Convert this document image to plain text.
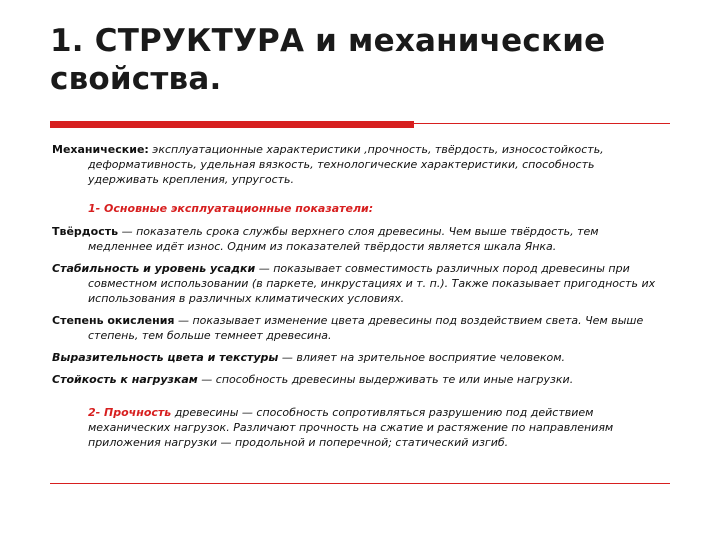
1. СТРУКТУРА и механические
свойства.

Механические: эксплуатационные характеристики ,прочность, твёрдость, износостойкость, деформативность, удельная вязкость, технологические характеристики, способность удерживать крепления, упругость.

1- Основные эксплуатационные показатели:

Твёрдость — показатель срока службы верхнего слоя древесины. Чем выше твёрдость, тем медленнее идёт износ. Одним из показателей твёрдости является шкала Янка.

Стабильность и уровень усадки — показывает совместимость различных пород древесины при совместном использовании (в паркете, инкрустациях и т. п.). Также показывает пригодность их использования в различных климатических условиях.

Степень окисления — показывает изменение цвета древесины под воздействием света. Чем выше степень, тем больше темнеет древесина.

Выразительность цвета и текстуры — влияет на зрительное восприятие человеком.

Стойкость к нагрузкам — способность древесины выдерживать те или иные нагрузки.

2- Прочность древесины — способность сопротивляться разрушению под действием механических нагрузок. Различают прочность на сжатие и растяжение по направлениям приложения нагрузки — продольной и поперечной; статический изгиб.
